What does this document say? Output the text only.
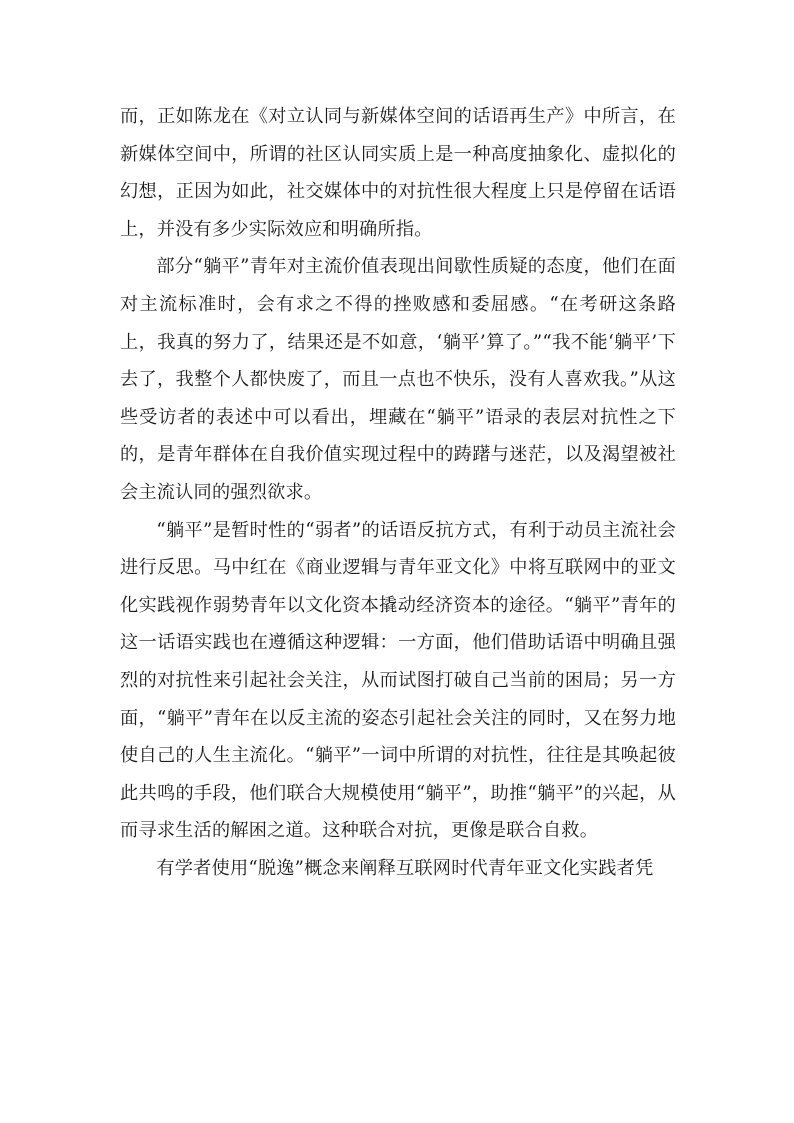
而，正如陈龙在《对立认同与新媒体空间的话语再生产》中所言，在新媒体空间中，所谓的社区认同实质上是一种高度抽象化、虚拟化的幻想，正因为如此，社交媒体中的对抗性很大程度上只是停留在话语上，并没有多少实际效应和明确所指。

部分“躺平”青年对主流价值表现出间歇性质疑的态度，他们在面对主流标准时，会有求之不得的挫败感和委屈感。“在考研这条路上，我真的努力了，结果还是不如意，‘躺平’算了。”“我不能‘躺平’下去了，我整个人都快废了，而且一点也不快乐，没有人喜欢我。”从这些受访者的表述中可以看出，埋藏在“躺平”语录的表层对抗性之下的，是青年群体在自我价值实现过程中的踌躇与迷茫，以及渴望被社会主流认同的强烈欲求。

“躺平”是暂时性的“弱者”的话语反抗方式，有利于动员主流社会进行反思。马中红在《商业逻辑与青年亚文化》中将互联网中的亚文化实践视作弱势青年以文化资本撬动经济资本的途径。“躺平”青年的这一话语实践也在遵循这种逻辑：一方面，他们借助话语中明确且强烈的对抗性来引起社会关注，从而试图打破自己当前的困局；另一方面，“躺平”青年在以反主流的姿态引起社会关注的同时，又在努力地使自己的人生主流化。“躺平”一词中所谓的对抗性，往往是其唤起彼此共鸣的手段，他们联合大规模使用“躺平”，助推“躺平”的兴起，从而寻求生活的解困之道。这种联合对抗，更像是联合自救。

有学者使用“脱逸”概念来阐释互联网时代青年亚文化实践者凭
